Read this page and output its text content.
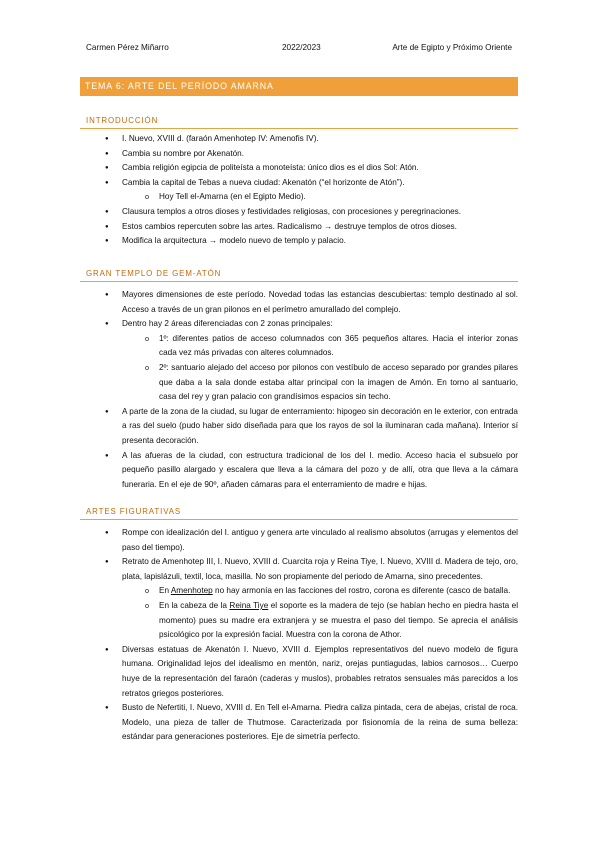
Carmen Pérez Miñarro	2022/2023	Arte de Egipto y Próximo Oriente
TEMA 6: ARTE DEL PERÍODO AMARNA
INTRODUCCIÓN
● I. Nuevo, XVIII d. (faraón Amenhotep IV: Amenofis IV).
● Cambia su nombre por Akenatón.
● Cambia religión egipcia de politeísta a monoteísta: único dios es el dios Sol: Atón.
● Cambia la capital de Tebas a nueva ciudad: Akenatón (“el horizonte de Atón”).
o Hoy Tell el-Amarna (en el Egipto Medio).
● Clausura templos a otros dioses y festividades religiosas, con procesiones y peregrinaciones.
● Estos cambios repercuten sobre las artes. Radicalismo → destruye templos de otros dioses.
● Modifica la arquitectura → modelo nuevo de templo y palacio.
GRAN TEMPLO DE GEM-ATÓN
● Mayores dimensiones de este período. Novedad todas las estancias descubiertas: templo destinado al sol. Acceso a través de un gran pilonos en el perímetro amurallado del complejo.
● Dentro hay 2 áreas diferenciadas con 2 zonas principales:
o 1º: diferentes patios de acceso columnados con 365 pequeños altares. Hacia el interior zonas cada vez más privadas con alteres columnados.
o 2º: santuario alejado del acceso por pilonos con vestíbulo de acceso separado por grandes pilares que daba a la sala donde estaba altar principal con la imagen de Amón. En torno al santuario, casa del rey y gran palacio con grandísimos espacios sin techo.
● A parte de la zona de la ciudad, su lugar de enterramiento: hipogeo sin decoración en le exterior, con entrada a ras del suelo (pudo haber sido diseñada para que los rayos de sol la iluminaran cada mañana). Interior sí presenta decoración.
● A las afueras de la ciudad, con estructura tradicional de los del I. medio. Acceso hacia el subsuelo por pequeño pasillo alargado y escalera que lleva a la cámara del pozo y de allí, otra que lleva a la cámara funeraria. En el eje de 90º, añaden cámaras para el enterramiento de madre e hijas.
ARTES FIGURATIVAS
● Rompe con idealización del I. antiguo y genera arte vinculado al realismo absolutos (arrugas y elementos del paso del tiempo).
● Retrato de Amenhotep III, I. Nuevo, XVIII d. Cuarcita roja y Reina Tiye, I. Nuevo, XVIII d. Madera de tejo, oro, plata, lapislázuli, textil, loca, masilla. No son propiamente del periodo de Amarna, sino precedentes.
o En Amenhotep no hay armonía en las facciones del rostro, corona es diferente (casco de batalla.
o En la cabeza de la Reina Tiye el soporte es la madera de tejo (se habían hecho en piedra hasta el momento) pues su madre era extranjera y se muestra el paso del tiempo. Se aprecia el análisis psicológico por la expresión facial. Muestra con la corona de Athor.
● Diversas estatuas de Akenatón I. Nuevo, XVIII d. Ejemplos representativos del nuevo modelo de figura humana. Originalidad lejos del idealismo en mentón, nariz, orejas puntiagudas, labios carnosos… Cuerpo huye de la representación del faraón (caderas y muslos), probables retratos sensuales más parecidos a los retratos griegos posteriores.
● Busto de Nefertiti, I. Nuevo, XVIII d. En Tell el-Amarna. Piedra caliza pintada, cera de abejas, cristal de roca. Modelo, una pieza de taller de Thutmose. Caracterizada por fisionomía de la reina de suma belleza: estándar para generaciones posteriores. Eje de simetría perfecto.
